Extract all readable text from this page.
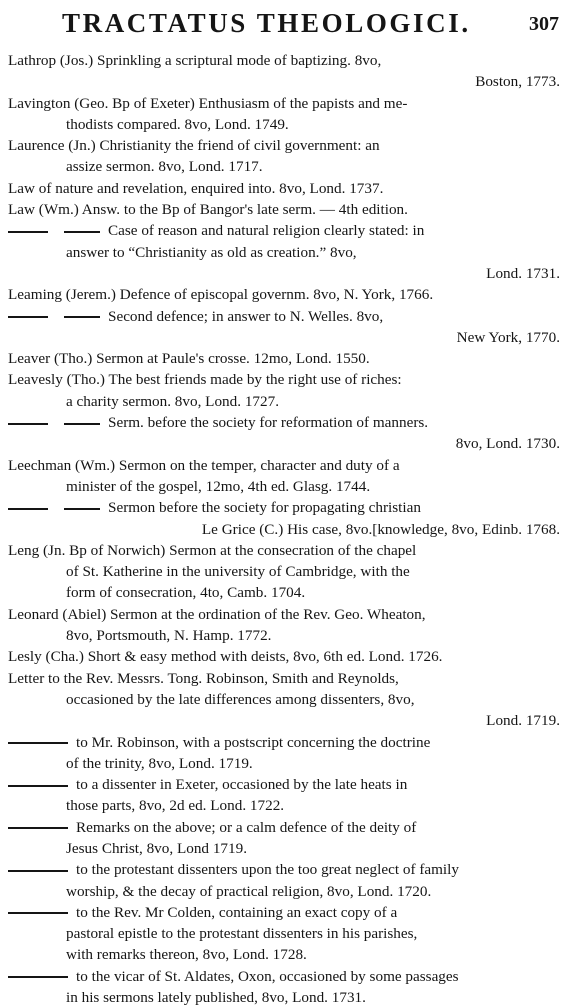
TRACTATUS THEOLOGICI.	307
Lathrop (Jos.) Sprinkling a scriptural mode of baptizing. 8vo,
Boston, 1773.
Lavington (Geo. Bp of Exeter) Enthusiasm of the papists and me-
thodists compared. 8vo, Lond. 1749.
Laurence (Jn.) Christianity the friend of civil government: an
assize sermon. 8vo, Lond. 1717.
Law of nature and revelation, enquired into. 8vo, Lond. 1737.
Law (Wm.) Answ. to the Bp of Bangor's late serm. — 4th edition.
Case of reason and natural religion clearly stated: in
answer to “Christianity as old as creation.” 8vo,
Lond. 1731.
Leaming (Jerem.) Defence of episcopal governm. 8vo, N. York, 1766.
Second defence; in answer to N. Welles. 8vo,
New York, 1770.
Leaver (Tho.) Sermon at Paule's crosse. 12mo, Lond. 1550.
Leavesly (Tho.) The best friends made by the right use of riches:
a charity sermon. 8vo, Lond. 1727.
Serm. before the society for reformation of manners.
8vo, Lond. 1730.
Leechman (Wm.) Sermon on the temper, character and duty of a
minister of the gospel, 12mo, 4th ed. Glasg. 1744.
Sermon before the society for propagating christian
Le Grice (C.) His case, 8vo. [knowledge, 8vo, Edinb. 1768.
Leng (Jn. Bp of Norwich) Sermon at the consecration of the chapel
of St. Katherine in the university of Cambridge, with the
form of consecration, 4to, Camb. 1704.
Leonard (Abiel) Sermon at the ordination of the Rev. Geo. Wheaton,
8vo, Portsmouth, N. Hamp. 1772.
Lesly (Cha.) Short & easy method with deists, 8vo, 6th ed. Lond. 1726.
Letter to the Rev. Messrs. Tong. Robinson, Smith and Reynolds,
occasioned by the late differences among dissenters, 8vo,
Lond. 1719.
to Mr. Robinson, with a postscript concerning the doctrine
of the trinity, 8vo, Lond. 1719.
to a dissenter in Exeter, occasioned by the late heats in
those parts, 8vo, 2d ed. Lond. 1722.
Remarks on the above; or a calm defence of the deity of
Jesus Christ, 8vo, Lond 1719.
to the protestant dissenters upon the too great neglect of family
worship, & the decay of practical religion, 8vo, Lond. 1720.
to the Rev. Mr Colden, containing an exact copy of a
pastoral epistle to the protestant dissenters in his parishes,
with remarks thereon, 8vo, Lond. 1728.
to the vicar of St. Aldates, Oxon, occasioned by some passages
in his sermons lately published, 8vo, Lond. 1731.
